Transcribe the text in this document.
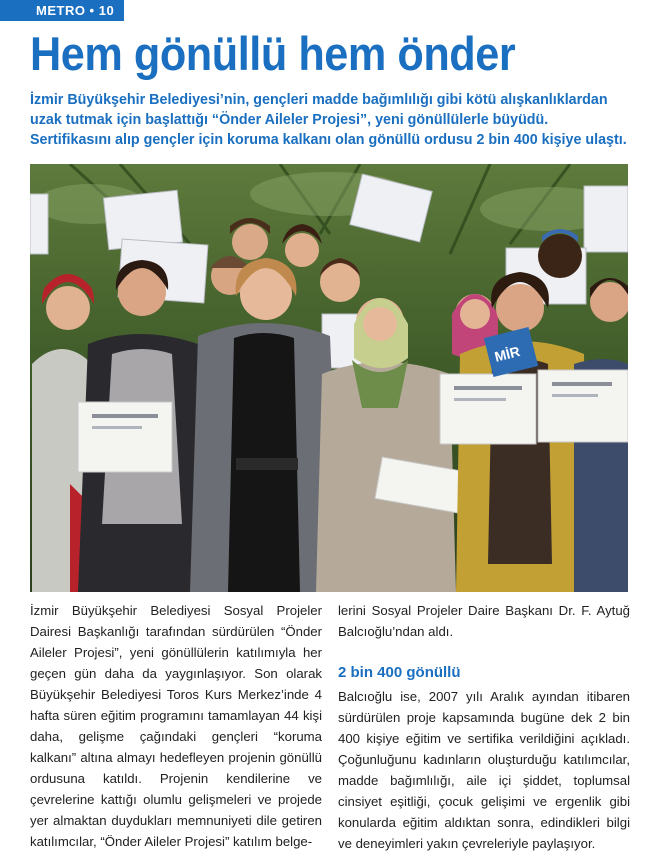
METRO • 10
Hem gönüllü hem önder

İzmir Büyükşehir Belediyesi’nin, gençleri madde bağımlılığı gibi kötü alışkanlıklardan uzak tutmak için başlattığı “Önder Aileler Projesi”, yeni gönüllülerle büyüdü. Sertifikasını alıp gençler için koruma kalkanı olan gönüllü ordusu 2 bin 400 kişiye ulaştı.

MİR

İzmir Büyükşehir Belediyesi Sosyal Projeler Dairesi Başkanlığı tarafından sürdürülen “Önder Aileler Projesi”, yeni gönüllülerin katılımıyla her geçen gün daha da yaygınlaşıyor. Son olarak Büyükşehir Belediyesi Toros Kurs Merkez’inde 4 hafta süren eğitim programını tamamlayan 44 kişi daha, gelişme çağındaki gençleri “koruma kalkanı” altına almayı hedefleyen projenin gönüllü ordusuna katıldı. Projenin kendilerine ve çevrelerine kattığı olumlu gelişmeleri ve projede yer almaktan duydukları memnuniyeti dile getiren katılımcılar, “Önder Aileler Projesi” katılım belge-

lerini Sosyal Projeler Daire Başkanı Dr. F. Aytuğ Balcıoğlu’ndan aldı.

2 bin 400 gönüllü

Balcıoğlu ise, 2007 yılı Aralık ayından itibaren sürdürülen proje kapsamında bugüne dek 2 bin 400 kişiye eğitim ve sertifika verildiğini açıkladı. Çoğunluğunu kadınların oluşturduğu katılımcılar, madde bağımlılığı, aile içi şiddet, toplumsal cinsiyet eşitliği, çocuk gelişimi ve ergenlik gibi konularda eğitim aldıktan sonra, edindikleri bilgi ve deneyimleri yakın çevreleriyle paylaşıyor.
